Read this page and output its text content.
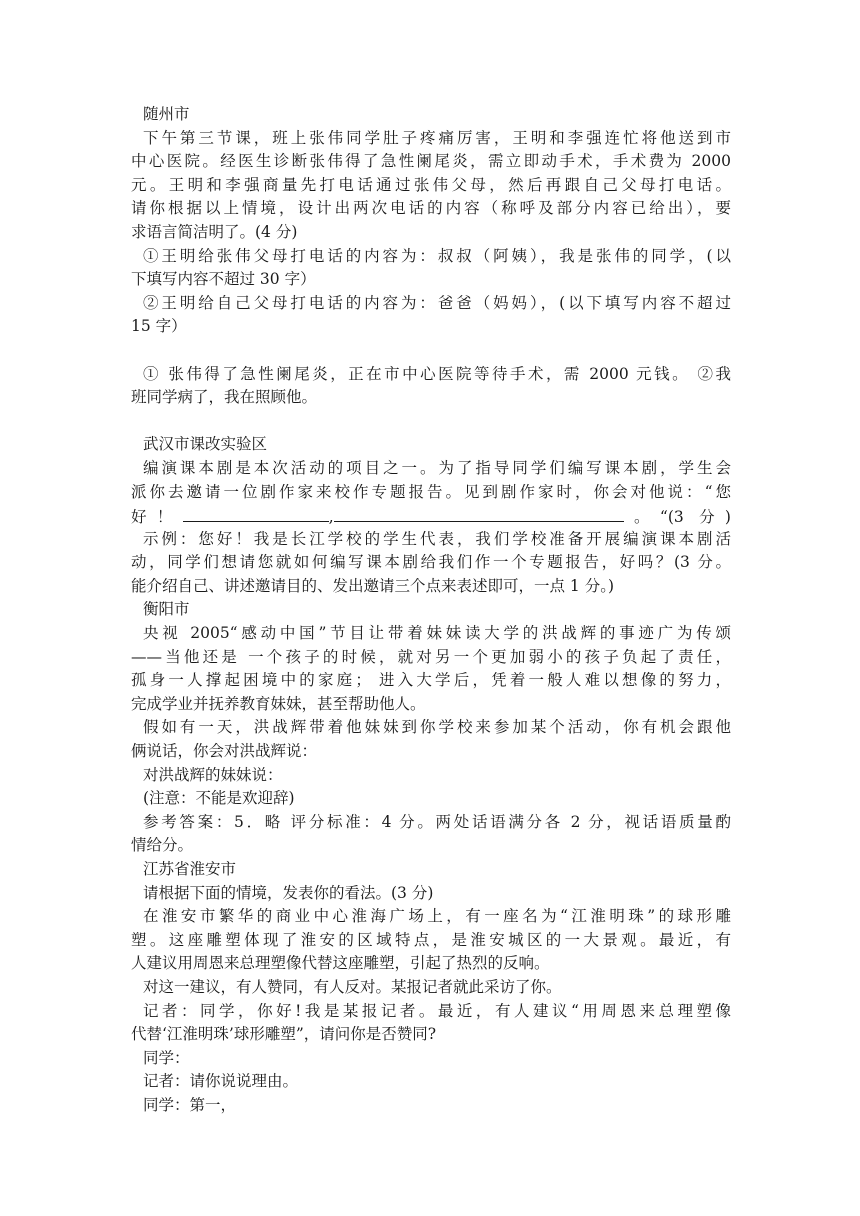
随州市
下午第三节课，班上张伟同学肚子疼痛厉害，王明和李强连忙将他送到市
中心医院。经医生诊断张伟得了急性阑尾炎，需立即动手术，手术费为 2000
元。王明和李强商量先打电话通过张伟父母，然后再跟自己父母打电话。
请你根据以上情境，设计出两次电话的内容（称呼及部分内容已给出），要
求语言简洁明了。(4 分)
①王明给张伟父母打电话的内容为：叔叔（阿姨），我是张伟的同学，(以
下填写内容不超过 30 字）
②王明给自己父母打电话的内容为：爸爸（妈妈），(以下填写内容不超过
15 字）
① 张伟得了急性阑尾炎，正在市中心医院等待手术，需 2000 元钱。 ②我
班同学病了，我在照顾他。
武汉市课改实验区
编演课本剧是本次活动的项目之一。为了指导同学们编写课本剧，学生会
派你去邀请一位剧作家来校作专题报告。见到剧作家时，你会对他说：“您
好！	,	。“(3 分)
示例：您好！我是长江学校的学生代表，我们学校准备开展编演课本剧活
动，同学们想请您就如何编写课本剧给我们作一个专题报告，好吗？(3 分。
能介绍自己、讲述邀请目的、发出邀请三个点来表述即可，一点 1 分。)
衡阳市
央视 2005“感动中国”节目让带着妹妹读大学的洪战辉的事迹广为传颂
——当他还是 一个孩子的时候，就对另一个更加弱小的孩子负起了责任，
孤身一人撑起困境中的家庭； 进入大学后，凭着一般人难以想像的努力，
完成学业并抚养教育妹妹，甚至帮助他人。
假如有一天，洪战辉带着他妹妹到你学校来参加某个活动，你有机会跟他
俩说话，你会对洪战辉说：
对洪战辉的妹妹说：
(注意：不能是欢迎辞)
参考答案：5．略 评分标准：4 分。两处话语满分各 2 分，视话语质量酌
情给分。
江苏省淮安市
请根据下面的情境，发表你的看法。(3 分)
在淮安市繁华的商业中心淮海广场上，有一座名为“江淮明珠”的球形雕
塑。这座雕塑体现了淮安的区域特点，是淮安城区的一大景观。最近，有
人建议用周恩来总理塑像代替这座雕塑，引起了热烈的反响。
对这一建议，有人赞同，有人反对。某报记者就此采访了你。
记者：同学，你好!我是某报记者。最近，有人建议“用周恩来总理塑像
代替‘江淮明珠’球形雕塑”，请问你是否赞同?
同学：
记者：请你说说理由。
同学：第一，
